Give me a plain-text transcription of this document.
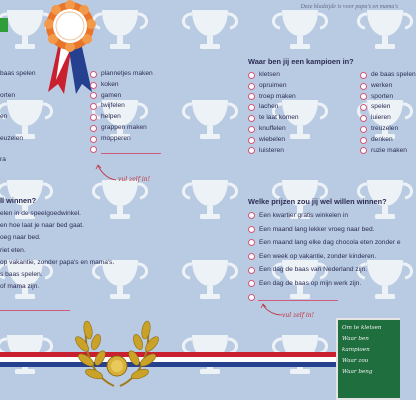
Deze bladzijde is voor papa's en mama's
baas spelen
orten
en
euzelen
ra
plannetjes maken
koken
gamen
twijfelen
helpen
grappen maken
mopperen
vul zelf in!
ll winnen?
elen in de speelgoedwinkel.
en hoe laat je naar bed gaat.
oeg naar bed.
riet eten.
op vakantie, zonder papa's en mama's.
s baas spelen.
of mama zijn.
Waar ben jij een kampioen in?
kletsen
opruimen
troep maken
lachen
te laat komen
knuffelen
wiebelen
luisteren
de baas spelen
werken
sporten
spelen
luieren
treuzelen
denken
ruzie maken
Welke prijzen zou jij wel willen winnen?
Een kwartier gratis winkelen in
Een maand lang lekker vroeg naar bed.
Een maand lang elke dag chocola eten zonder e
Een week op vakantie, zonder kinderen.
Een dag de baas van Nederland zijn.
Een dag de baas op mijn werk zijn.
vul zelf in!
Om te kletsen
Waar ben
kampioen
Waar zou
Waar beng
